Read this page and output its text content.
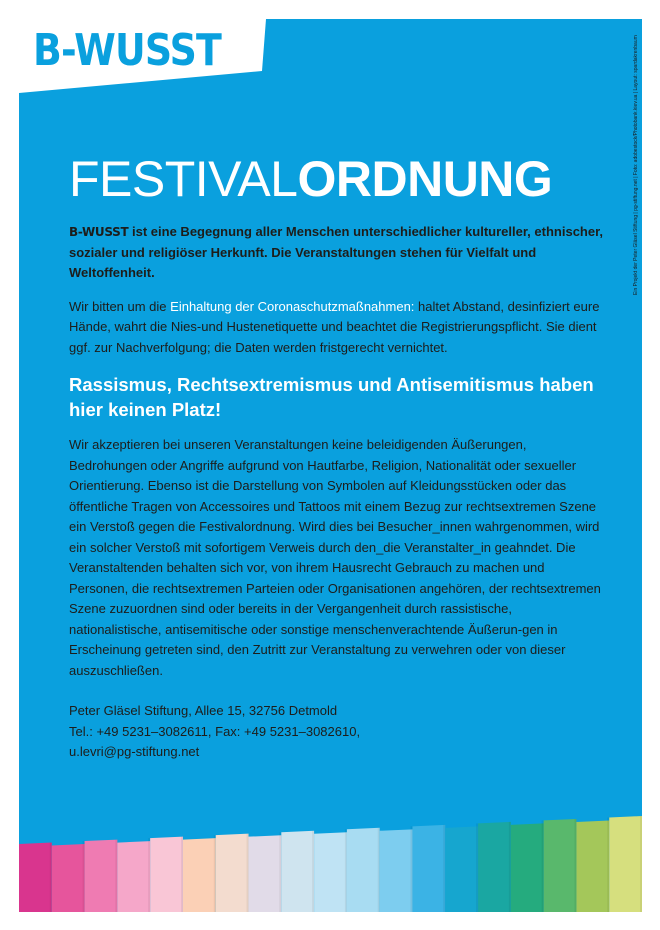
B-WUSST	Ein Projekt der Peter Gläsel Stiftung | pg-stiftung.net | Foto: adobestock/Photobank.kiev.ua | Layout: spardakrenbaum
FESTIVALORDNUNG

B-WUSST ist eine Begegnung aller Menschen unterschiedlicher kultureller, ethnischer, sozialer und religiöser Herkunft. Die Veranstaltungen stehen für Vielfalt und Weltoffenheit.

Wir bitten um die Einhaltung der Coronaschutzmaßnahmen: haltet Abstand, desinfiziert eure Hände, wahrt die Nies-und Hustenetiquette und beachtet die Registrierungspflicht. Sie dient ggf. zur Nachverfolgung; die Daten werden fristgerecht vernichtet.

Rassismus, Rechtsextremismus und Antisemitismus haben hier keinen Platz!

Wir akzeptieren bei unseren Veranstaltungen keine beleidigenden Äußerungen, Bedrohungen oder Angriffe aufgrund von Hautfarbe, Religion, Nationalität oder sexueller Orientierung. Ebenso ist die Darstellung von Symbolen auf Kleidungsstücken oder das öffentliche Tragen von Accessoires und Tattoos mit einem Bezug zur rechtsextremen Szene ein Verstoß gegen die Festivalordnung. Wird dies bei Besucher_innen wahrgenommen, wird ein solcher Verstoß mit sofortigem Verweis durch den_die Veranstalter_in geahndet. Die Veranstaltenden behalten sich vor, von ihrem Hausrecht Gebrauch zu machen und Personen, die rechtsextremen Parteien oder Organisationen angehören, der rechtsextremen Szene zuzuordnen sind oder bereits in der Vergangenheit durch rassistische, nationalistische, antisemitische oder sonstige menschenverachtende Äußerun-gen in Erscheinung getreten sind, den Zutritt zur Veranstaltung zu verwehren oder von dieser auszuschließen.

Peter Gläsel Stiftung, Allee 15, 32756 Detmold
Tel.: +49 5231–3082611, Fax: +49 5231–3082610,
u.levri@pg-stiftung.net
